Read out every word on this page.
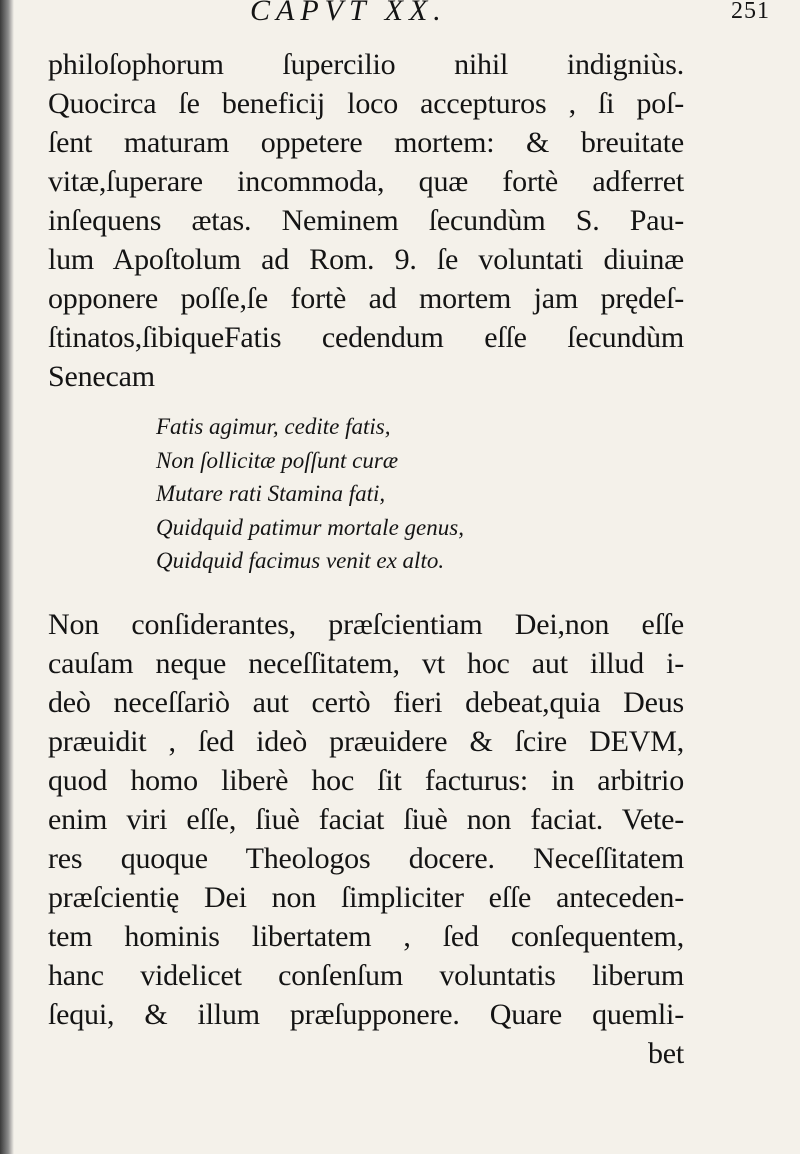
CAPVT XX.	251
philoſophorum ſupercilio nihil indigniùs.
Quocirca ſe beneficij loco accepturos , ſi poſ-
ſent maturam oppetere mortem: & breuitate
vitæ,ſuperare incommoda, quæ fortè adferret
inſequens ætas. Neminem ſecundùm S. Pau-
lum Apoſtolum ad Rom. 9. ſe voluntati diuinæ
opponere poſſe,ſe fortè ad mortem jam prędeſ-
ſtinatos,ſibiqueFatis cedendum eſſe ſecundùm
Senecam
Fatis agimur, cedite fatis,
Non ſollicitæ poſſunt curæ
Mutare rati Stamina fati,
Quidquid patimur mortale genus,
Quidquid facimus venit ex alto.
Non conſiderantes, præſcientiam Dei,non eſſe
cauſam neque neceſſitatem, vt hoc aut illud i-
deò neceſſariò aut certò fieri debeat,quia Deus
præuidit , ſed ideò præuidere & ſcire DEVM,
quod homo liberè hoc ſit facturus: in arbitrio
enim viri eſſe, ſiuè faciat ſiuè non faciat. Vete-
res quoque Theologos docere. Neceſſitatem
præſcientię Dei non ſimpliciter eſſe anteceden-
tem hominis libertatem , ſed conſequentem,
hanc videlicet conſenſum voluntatis liberum
ſequi, & illum præſupponere. Quare quemli-
bet
